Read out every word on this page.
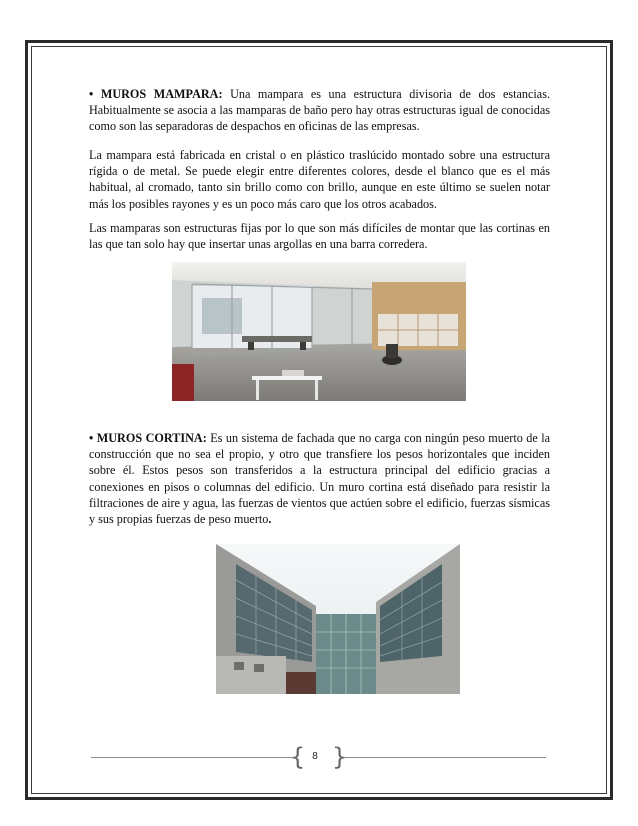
• MUROS MAMPARA: Una mampara es una estructura divisoria de dos estancias. Habitualmente se asocia a las mamparas de baño pero hay otras estructuras igual de conocidas como son las separadoras de despachos en oficinas de las empresas.

La mampara está fabricada en cristal o en plástico traslúcido montado sobre una estructura rígida o de metal. Se puede elegir entre diferentes colores, desde el blanco que es el más habitual, al cromado, tanto sin brillo como con brillo, aunque en este último se suelen notar más los posibles rayones y es un poco más caro que los otros acabados.

Las mamparas son estructuras fijas por lo que son más difíciles de montar que las cortinas en las que tan solo hay que insertar unas argollas en una barra corredera.

• MUROS CORTINA: Es un sistema de fachada que no carga con ningún peso muerto de la construcción que no sea el propio, y otro que transfiere los pesos horizontales que inciden sobre él. Estos pesos son transferidos a la estructura principal del edificio gracias a conexiones en pisos o columnas del edificio. Un muro cortina está diseñado para resistir la filtraciones de aire y agua, las fuerzas de vientos que actúen sobre el edificio, fuerzas sísmicas y sus propias fuerzas de peso muerto.

{ }
8
